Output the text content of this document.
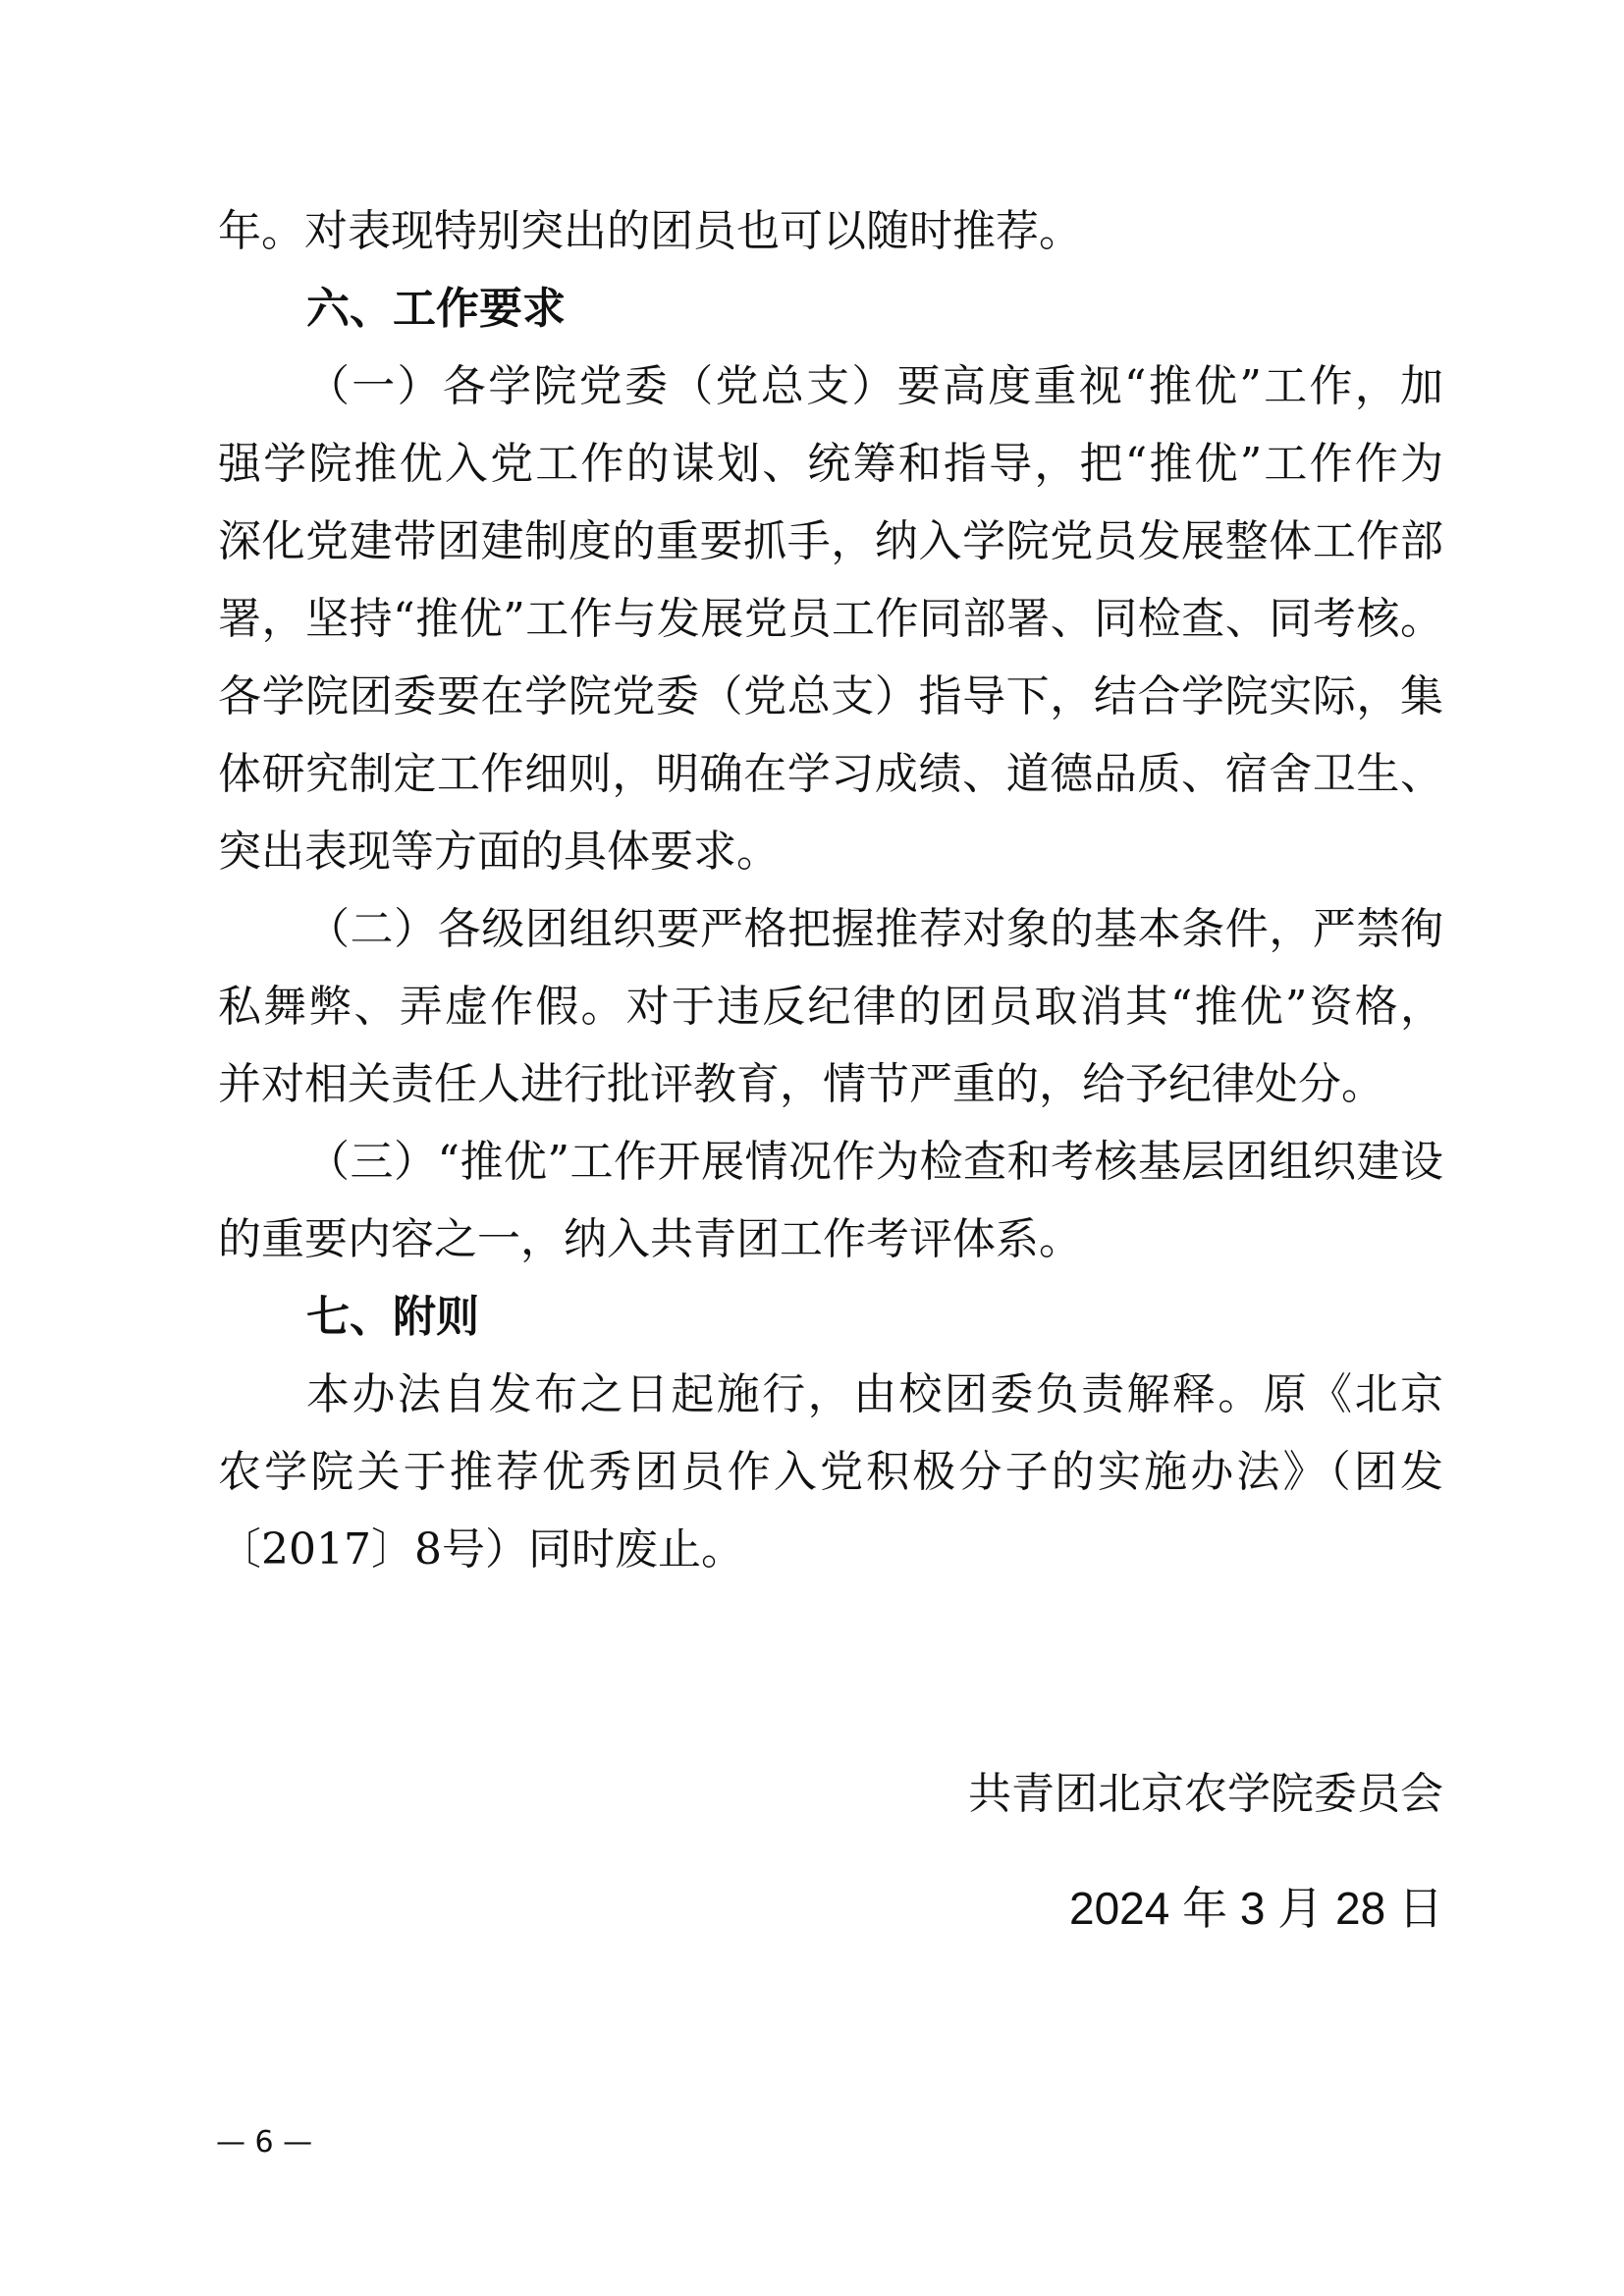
年。对表现特别突出的团员也可以随时推荐。
六、工作要求
（一）各学院党委（党总支）要高度重视“推优”工作，加
强学院推优入党工作的谋划、统筹和指导，把“推优”工作作为
深化党建带团建制度的重要抓手，纳入学院党员发展整体工作部
署，坚持“推优”工作与发展党员工作同部署、同检查、同考核。
各学院团委要在学院党委（党总支）指导下，结合学院实际，集
体研究制定工作细则，明确在学习成绩、道德品质、宿舍卫生、
突出表现等方面的具体要求。
（二）各级团组织要严格把握推荐对象的基本条件，严禁徇
私舞弊、弄虚作假。对于违反纪律的团员取消其“推优”资格，
并对相关责任人进行批评教育，情节严重的，给予纪律处分。
（三）“推优”工作开展情况作为检查和考核基层团组织建设
的重要内容之一，纳入共青团工作考评体系。
七、附则
本办法自发布之日起施行，由校团委负责解释。原《北京
农学院关于推荐优秀团员作入党积极分子的实施办法》（团发
〔2017〕8号）同时废止。
共青团北京农学院委员会
2024 年 3 月 28 日
— 6 —
